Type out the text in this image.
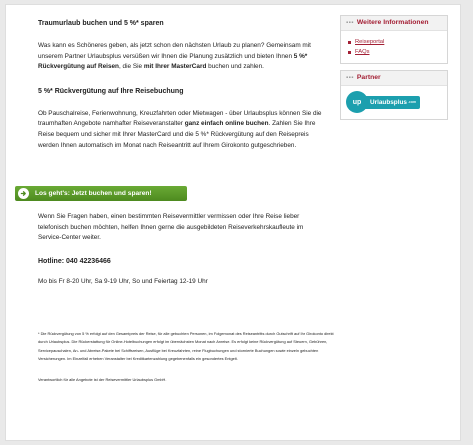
Traumurlaub buchen und 5 %* sparen

Was kann es Schöneres geben, als jetzt schon den nächsten Urlaub zu planen? Gemeinsam mit unserem Partner Urlaubsplus versüßen wir Ihnen die Planung zusätzlich und bieten Ihnen 5 %* Rückvergütung auf Reisen, die Sie mit Ihrer MasterCard buchen und zahlen.

5 %* Rückvergütung auf Ihre Reisebuchung

Ob Pauschalreise, Ferienwohnung, Kreuzfahrten oder Mietwagen - über Urlaubsplus können Sie die traumhaften Angebote namhafter Reiseveranstalter ganz einfach online buchen. Zahlen Sie Ihre Reise bequem und sicher mit Ihrer MasterCard und die 5 %* Rückvergütung auf den Reisepreis werden Ihnen automatisch im Monat nach Reiseantritt auf Ihrem Girokonto gutgeschrieben.

Los geht's: Jetzt buchen und sparen!

Wenn Sie Fragen haben, einen bestimmten Reisevermittler vermissen oder Ihre Reise lieber telefonisch buchen möchten, helfen Ihnen gerne die ausgebildeten Reiseverkehrskaufleute im Service-Center weiter.

Hotline: 040 42236466

Mo bis Fr 8-20 Uhr, Sa 9-19 Uhr, So und Feiertag 12-19 Uhr

* Die Rückvergütung von 5 % erfolgt auf den Gesamtpreis der Reise, für alle gebuchten Personen, im Folgemonat des Reiseantritts durch Gutschrift auf Ihr Girokonto direkt durch Urlaubsplus. Die Rückerstattung für Online-Hotelbuchungen erfolgt im übernächsten Monat nach Anreise. Es erfolgt keine Rückvergütung auf Steuern, Gebühren, Servicepauschalen, An- und Abreise-Pakete bei Schiffsreisen, Ausflüge bei Kreuzfahrten, reine Flugbuchungen und stornierte Buchungen sowie einzeln gebuchten Versicherungen. Im Einzelfall erheben Veranstalter bei Kreditkartenzahlung gegebenenfalls ein gesondertes Entgelt.

Verantwortlich für alle Angebote ist der Reisevermittler Urlaubsplus GmbH.

▪▪▪ Weitere Informationen
Reiseportal
FAQs
▪▪▪ Partner
up	Urlaubsplus .com
